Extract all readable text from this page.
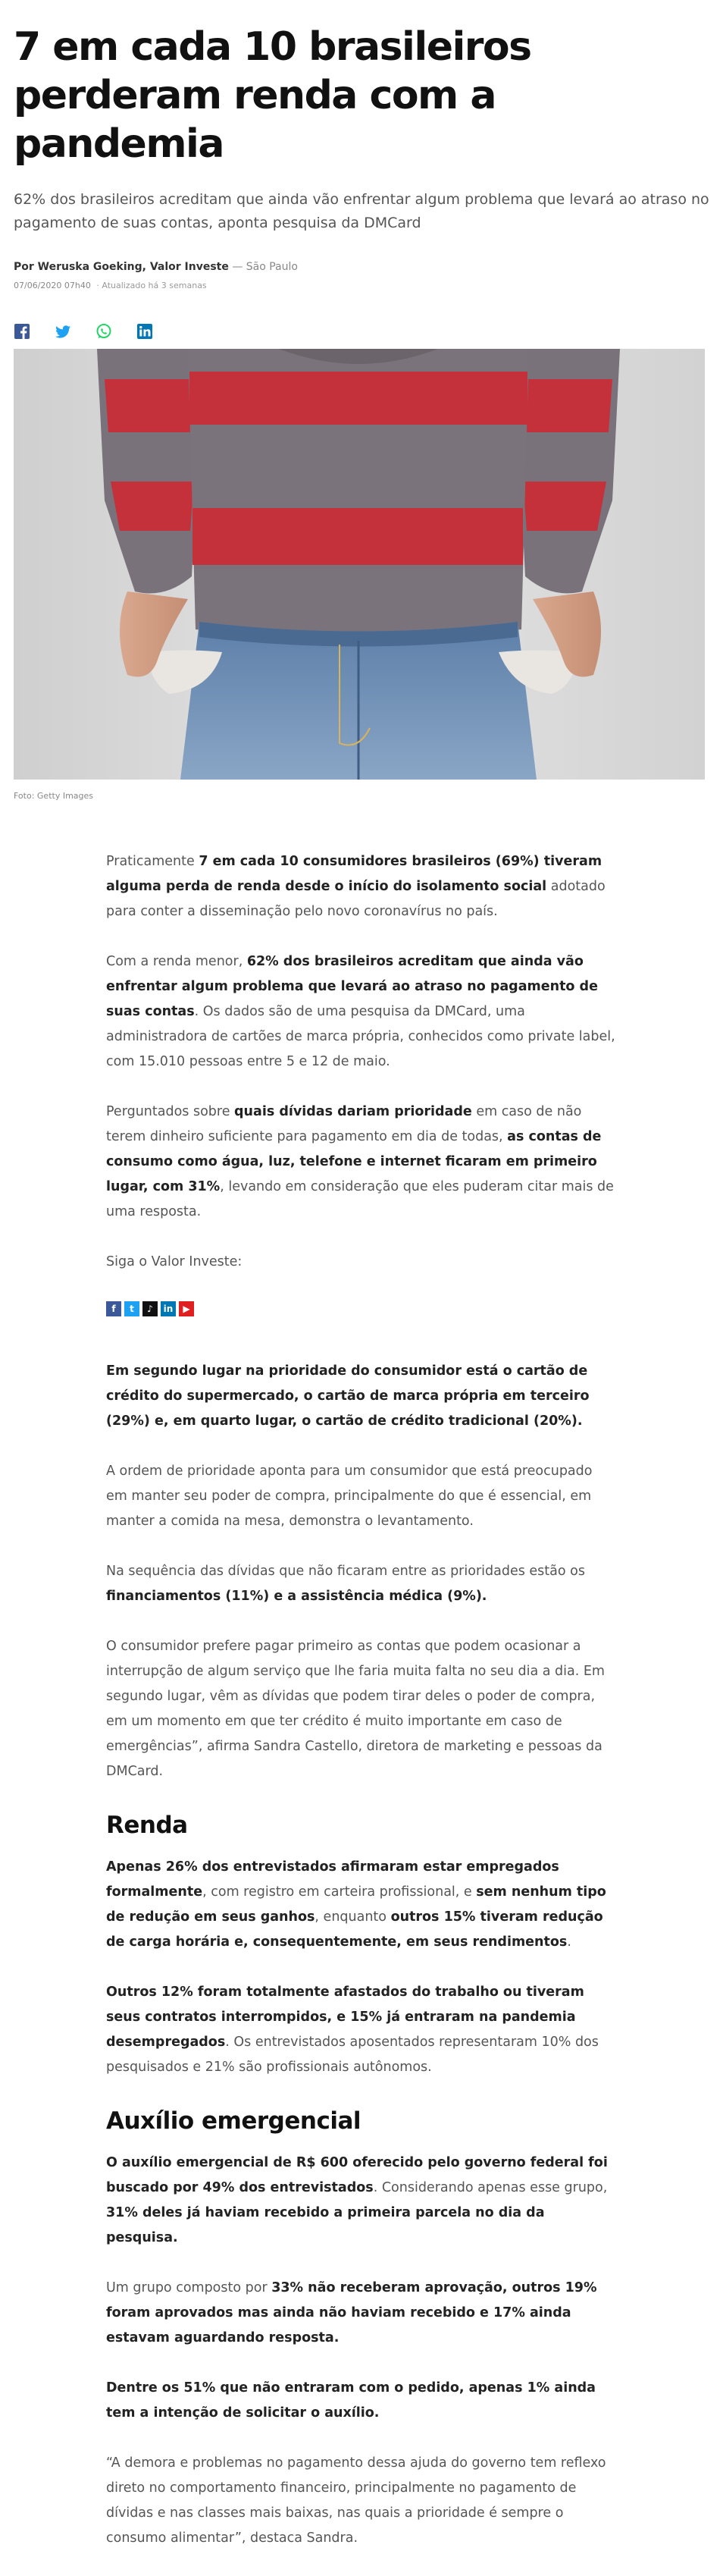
7 em cada 10 brasileiros perderam renda com a pandemia
62% dos brasileiros acreditam que ainda vão enfrentar algum problema que levará ao atraso no pagamento de suas contas, aponta pesquisa da DMCard
Por Weruska Goeking, Valor Investe — São Paulo
07/06/2020 07h40 · Atualizado há 3 semanas
Foto: Getty Images

Praticamente 7 em cada 10 consumidores brasileiros (69%) tiveram alguma perda de renda desde o início do isolamento social adotado para conter a disseminação pelo novo coronavírus no país.

Com a renda menor, 62% dos brasileiros acreditam que ainda vão enfrentar algum problema que levará ao atraso no pagamento de suas contas. Os dados são de uma pesquisa da DMCard, uma administradora de cartões de marca própria, conhecidos como private label, com 15.010 pessoas entre 5 e 12 de maio.

Perguntados sobre quais dívidas dariam prioridade em caso de não terem dinheiro suficiente para pagamento em dia de todas, as contas de consumo como água, luz, telefone e internet ficaram em primeiro lugar, com 31%, levando em consideração que eles puderam citar mais de uma resposta.

Siga o Valor Investe:

f	t	♪	in	▶

Em segundo lugar na prioridade do consumidor está o cartão de crédito do supermercado, o cartão de marca própria em terceiro (29%) e, em quarto lugar, o cartão de crédito tradicional (20%).

A ordem de prioridade aponta para um consumidor que está preocupado em manter seu poder de compra, principalmente do que é essencial, em manter a comida na mesa, demonstra o levantamento.

Na sequência das dívidas que não ficaram entre as prioridades estão os financiamentos (11%) e a assistência médica (9%).

O consumidor prefere pagar primeiro as contas que podem ocasionar a interrupção de algum serviço que lhe faria muita falta no seu dia a dia. Em segundo lugar, vêm as dívidas que podem tirar deles o poder de compra, em um momento em que ter crédito é muito importante em caso de emergências”, afirma Sandra Castello, diretora de marketing e pessoas da DMCard.

Renda

Apenas 26% dos entrevistados afirmaram estar empregados formalmente, com registro em carteira profissional, e sem nenhum tipo de redução em seus ganhos, enquanto outros 15% tiveram redução de carga horária e, consequentemente, em seus rendimentos.

Outros 12% foram totalmente afastados do trabalho ou tiveram seus contratos interrompidos, e 15% já entraram na pandemia desempregados. Os entrevistados aposentados representaram 10% dos pesquisados e 21% são profissionais autônomos.

Auxílio emergencial

O auxílio emergencial de R$ 600 oferecido pelo governo federal foi buscado por 49% dos entrevistados. Considerando apenas esse grupo, 31% deles já haviam recebido a primeira parcela no dia da pesquisa.

Um grupo composto por 33% não receberam aprovação, outros 19% foram aprovados mas ainda não haviam recebido e 17% ainda estavam aguardando resposta.

Dentre os 51% que não entraram com o pedido, apenas 1% ainda tem a intenção de solicitar o auxílio.

“A demora e problemas no pagamento dessa ajuda do governo tem reflexo direto no comportamento financeiro, principalmente no pagamento de dívidas e nas classes mais baixas, nas quais a prioridade é sempre o consumo alimentar”, destaca Sandra.
